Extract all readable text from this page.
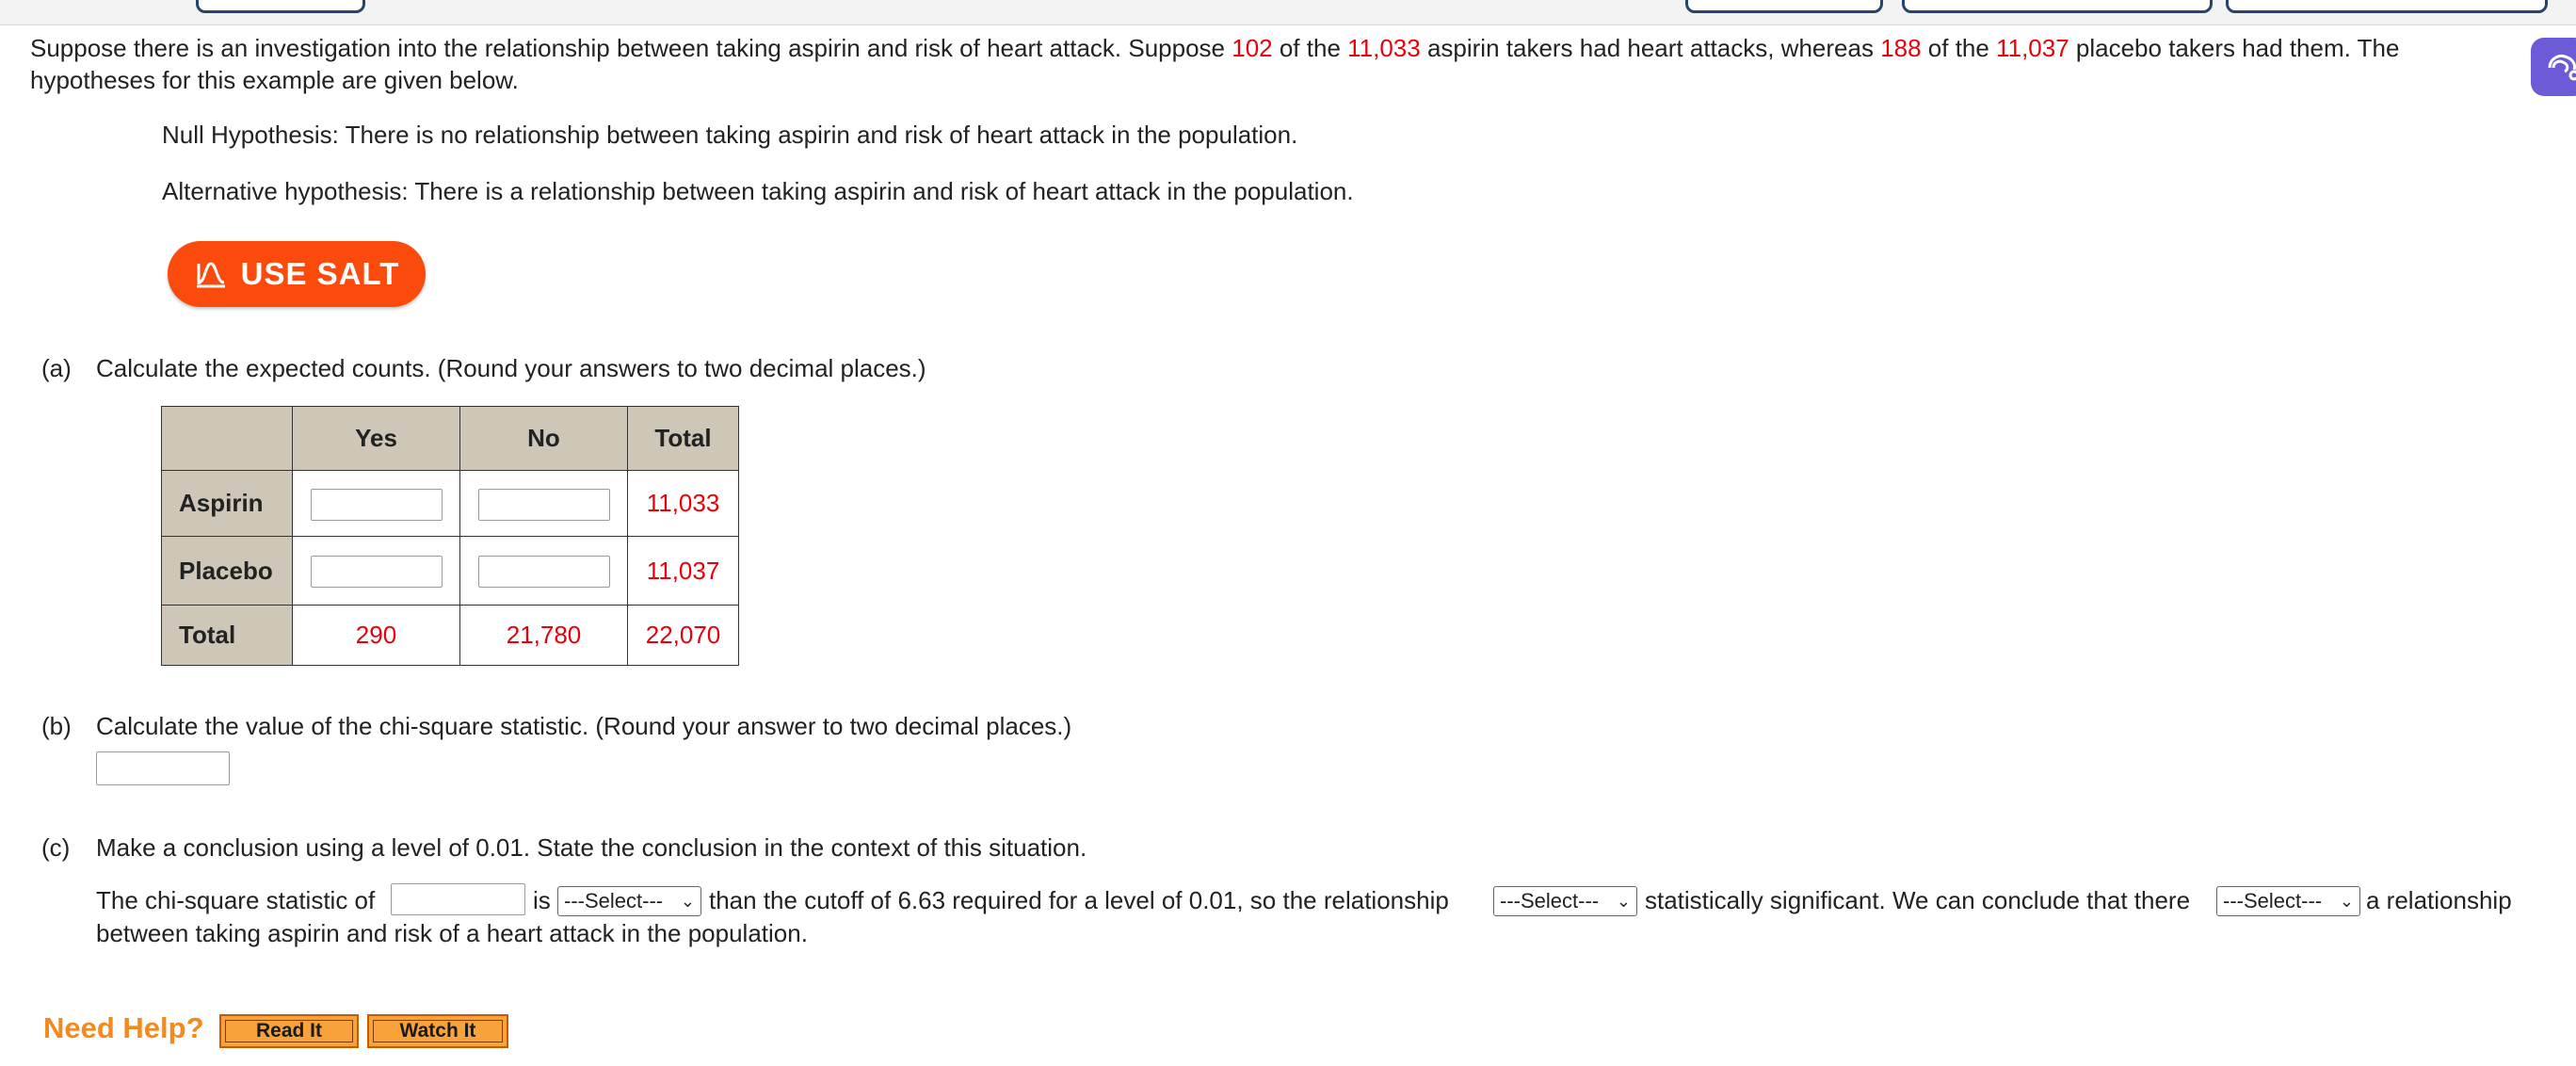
Suppose there is an investigation into the relationship between taking aspirin and risk of heart attack. Suppose 102 of the 11,033 aspirin takers had heart attacks, whereas 188 of the 11,037 placebo takers had them. The hypotheses for this example are given below.
Null Hypothesis: There is no relationship between taking aspirin and risk of heart attack in the population.
Alternative hypothesis: There is a relationship between taking aspirin and risk of heart attack in the population.
USE SALT
(a) Calculate the expected counts. (Round your answers to two decimal places.)
	Yes	No	Total
Aspirin			11,033
Placebo			11,037
Total	290	21,780	22,070
(b) Calculate the value of the chi-square statistic. (Round your answer to two decimal places.)
(c) Make a conclusion using a level of 0.01. State the conclusion in the context of this situation.
The chi-square statistic of	is ---Select--- ⌄ than the cutoff of 6.63 required for a level of 0.01, so the relationship	---Select--- ⌄ statistically significant. We can conclude that there	---Select--- ⌄ a relationship
between taking aspirin and risk of a heart attack in the population.
Need Help?	Read It	Watch It
